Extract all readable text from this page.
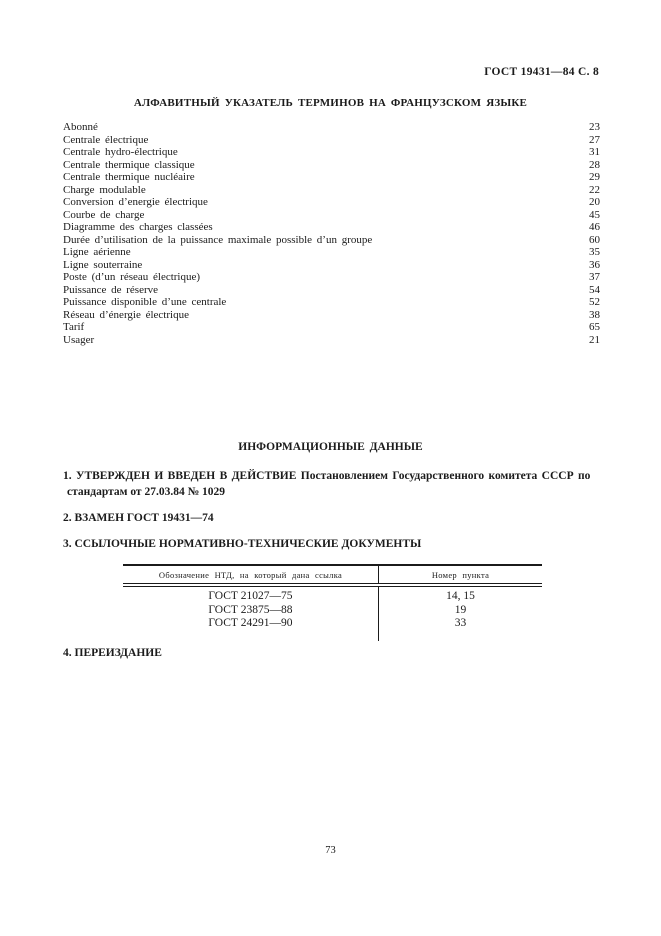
ГОСТ 19431—84 С. 8
АЛФАВИТНЫЙ УКАЗАТЕЛЬ ТЕРМИНОВ НА ФРАНЦУЗСКОМ ЯЗЫКЕ
Abonné	23
Centrale électrique	27
Centrale hydro-électrique	31
Centrale thermique classique	28
Centrale thermique nucléaire	29
Charge modulable	22
Conversion d’energie électrique	20
Courbe de charge	45
Diagramme des charges classées	46
Durée d’utilisation de la puissance maximale possible d’un groupe	60
Ligne aérienne	35
Ligne souterraine	36
Poste (d’un réseau électrique)	37
Puissance de réserve	54
Puissance disponible d’une centrale	52
Réseau d’énergie électrique	38
Tarif	65
Usager	21
ИНФОРМАЦИОННЫЕ ДАННЫЕ
1. УТВЕРЖДЕН И ВВЕДЕН В ДЕЙСТВИЕ Постановлением Государственного комитета СССР по
стандартам от 27.03.84 № 1029
2. ВЗАМЕН ГОСТ 19431—74
3. ССЫЛОЧНЫЕ НОРМАТИВНО-ТЕХНИЧЕСКИЕ ДОКУМЕНТЫ
Обозначение НТД, на который дана ссылка	Номер пункта
ГОСТ 21027—75	14, 15
ГОСТ 23875—88	19
ГОСТ 24291—90	33
4. ПЕРЕИЗДАНИЕ
73
